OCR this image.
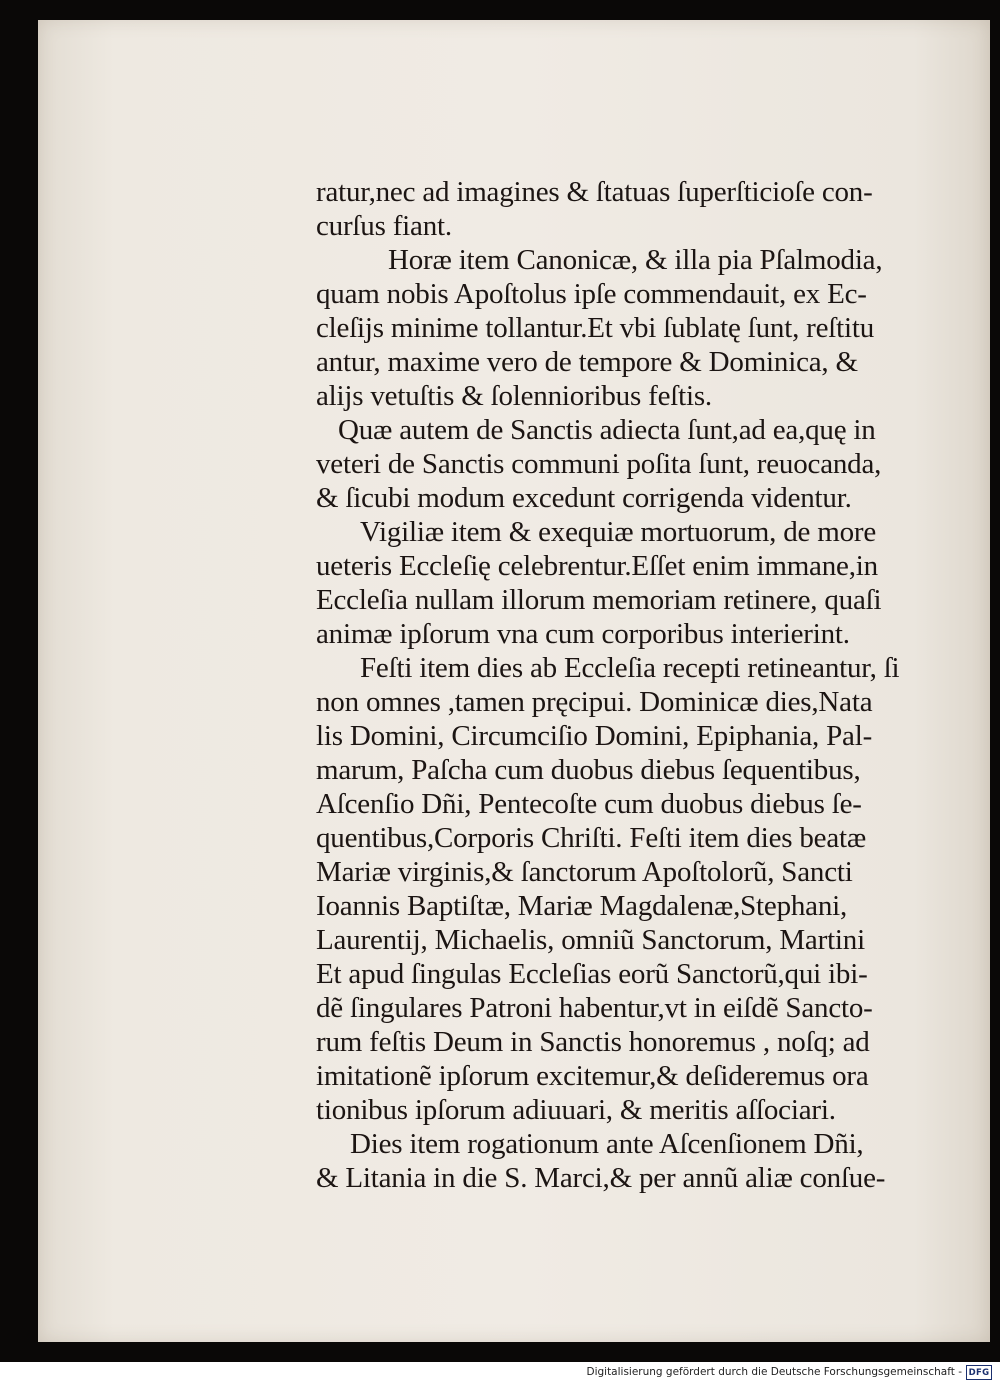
ratur,nec ad imagines & ſtatuas ſuperſticioſe con-
curſus fiant.
Horæ item Canonicæ, & illa pia Pſalmodia,
quam nobis Apoſtolus ipſe commendauit, ex Ec-
cleſijs minime tollantur.Et vbi ſublatę ſunt, reſtitu
antur, maxime vero de tempore & Dominica, &
alijs vetuſtis & ſolennioribus feſtis.
Quæ autem de Sanctis adiecta ſunt,ad ea,quę in
veteri de Sanctis communi poſita ſunt, reuocanda,
& ſicubi modum excedunt corrigenda videntur.
Vigiliæ item & exequiæ mortuorum, de more
ueteris Eccleſię celebrentur.Eſſet enim immane,in
Eccleſia nullam illorum memoriam retinere, quaſi
animæ ipſorum vna cum corporibus interierint.
Feſti item dies ab Eccleſia recepti retineantur, ſi
non omnes ,tamen pręcipui. Dominicæ dies,Nata
lis Domini, Circumciſio Domini, Epiphania, Pal-
marum, Paſcha cum duobus diebus ſequentibus,
Aſcenſio Dñi, Pentecoſte cum duobus diebus ſe-
quentibus,Corporis Chriſti. Feſti item dies beatæ
Mariæ virginis,& ſanctorum Apoſtolorũ, Sancti
Ioannis Baptiſtæ, Mariæ Magdalenæ,Stephani,
Laurentij, Michaelis, omniũ Sanctorum, Martini
Et apud ſingulas Eccleſias eorũ Sanctorũ,qui ibi-
dẽ ſingulares Patroni habentur,vt in eiſdẽ Sancto-
rum feſtis Deum in Sanctis honoremus , noſq; ad
imitationẽ ipſorum excitemur,& deſideremus ora
tionibus ipſorum adiuuari, & meritis aſſociari.
Dies item rogationum ante Aſcenſionem Dñi,
& Litania in die S. Marci,& per annũ aliæ conſue-
Digitalisierung gefördert durch die Deutsche Forschungsgemeinschaft - DFG
